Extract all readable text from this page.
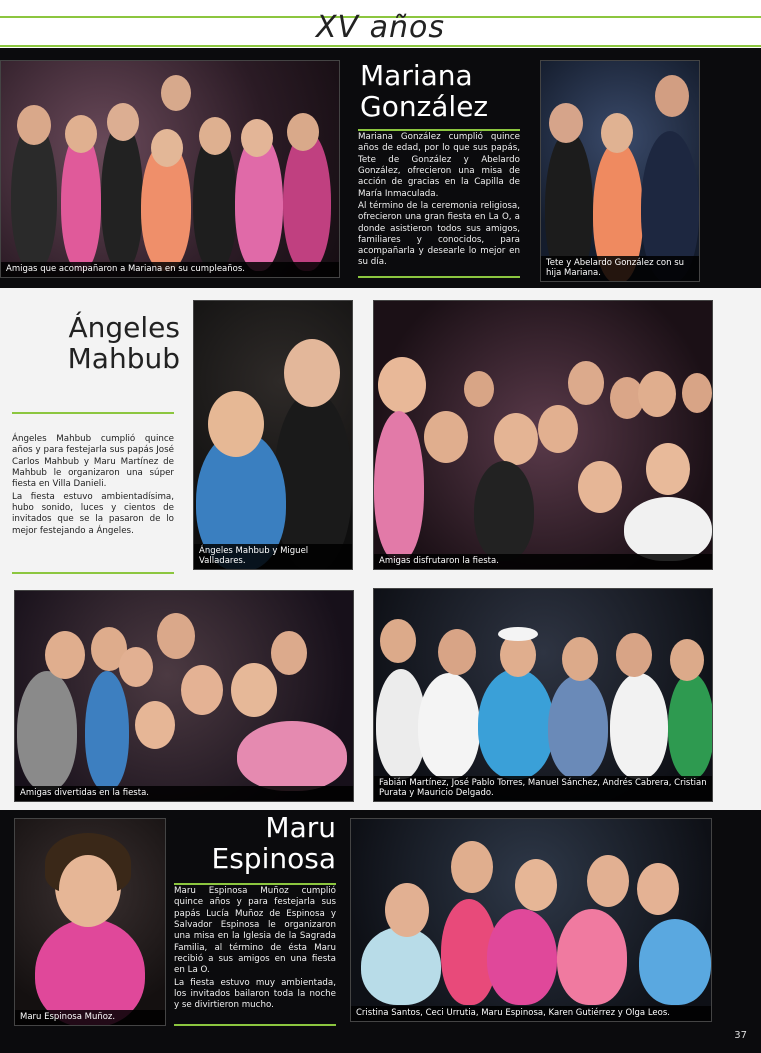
XV años
Amigas que acompañaron a Mariana en su cumpleaños.
Mariana
González

Mariana González cumplió quince años de edad, por lo que sus papás, Tete de González y Abelardo González, ofrecieron una misa de acción de gracias en la Capilla de María Inmaculada.

Al término de la ceremonia religiosa, ofrecieron una gran fiesta en La O, a donde asistieron todos sus amigos, familiares y conocidos, para acompañarla y desearle lo mejor en su día.	Tete y Abelardo González con su hija Mariana.
Ángeles
Mahbub

Ángeles Mahbub cumplió quince años y para festejarla sus papás José Carlos Mahbub y Maru Martínez de Mahbub le organizaron una súper fiesta en Villa Danieli.

La fiesta estuvo ambientadísima, hubo sonido, luces y cientos de invitados que se la pasaron de lo mejor festejando a Ángeles.

Ángeles Mahbub y Miguel Valladares.	Amigas disfrutaron la fiesta.
Amigas divertidas en la fiesta.
Fabián Martínez, José Pablo Torres, Manuel Sánchez, Andrés Cabrera, Cristian Purata y Mauricio Delgado.
Maru Espinosa Muñoz.
Maru
Espinosa

Maru Espinosa Muñoz cumplió quince años y para festejarla sus papás Lucía Muñoz de Espinosa y Salvador Espinosa le organizaron una misa en la Iglesia de la Sagrada Familia, al término de ésta Maru recibió a sus amigos en una fiesta en La O.

La fiesta estuvo muy ambientada, los invitados bailaron toda la noche y se divirtieron mucho.

Cristina Santos, Ceci Urrutia, Maru Espinosa, Karen Gutiérrez y Olga Leos.
37
